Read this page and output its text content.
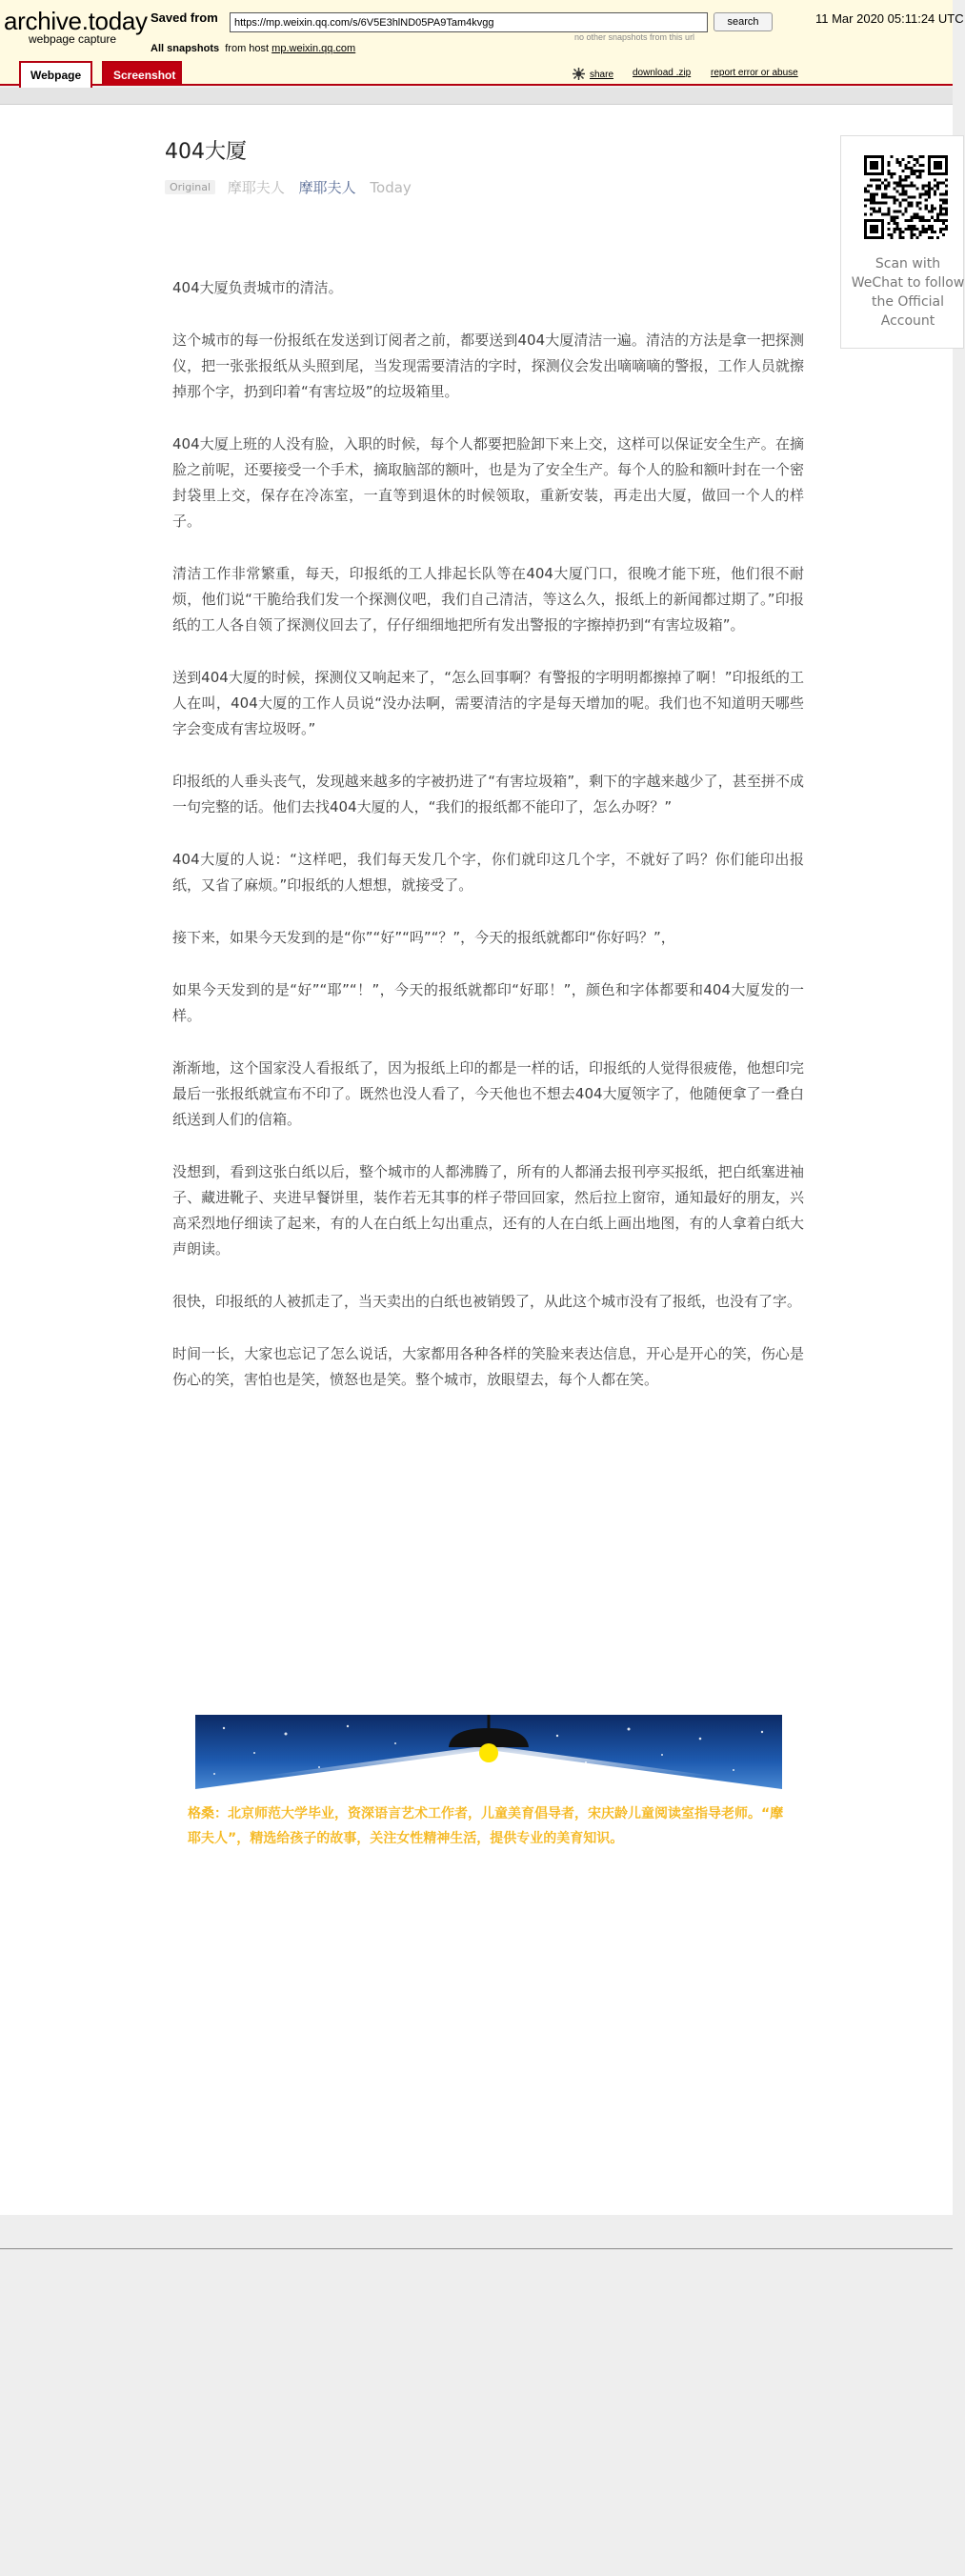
archive.today
webpage capture
Saved from
https://mp.weixin.qq.com/s/6V5E3hlND05PA9Tam4kvgg	search
no other snapshots from this url
11 Mar 2020 05:11:24 UTC
All snapshots from host mp.weixin.qq.com
Webpage	Screenshot	share download .zip report error or abuse
404大厦
Original 摩耶夫人 摩耶夫人 Today
Scan with WeChat to follow the Official Account

404大厦负责城市的清洁。

这个城市的每一份报纸在发送到订阅者之前，都要送到404大厦清洁一遍。清洁的方法是拿一把探测仪，把一张张报纸从头照到尾，当发现需要清洁的字时，探测仪会发出嘀嘀嘀的警报，工作人员就擦掉那个字，扔到印着“有害垃圾”的垃圾箱里。

404大厦上班的人没有脸，入职的时候，每个人都要把脸卸下来上交，这样可以保证安全生产。在摘脸之前呢，还要接受一个手术，摘取脑部的额叶，也是为了安全生产。每个人的脸和额叶封在一个密封袋里上交，保存在冷冻室，一直等到退休的时候领取，重新安装，再走出大厦，做回一个人的样子。

清洁工作非常繁重，每天，印报纸的工人排起长队等在404大厦门口，很晚才能下班，他们很不耐烦，他们说“干脆给我们发一个探测仪吧，我们自己清洁，等这么久，报纸上的新闻都过期了。”印报纸的工人各自领了探测仪回去了，仔仔细细地把所有发出警报的字擦掉扔到“有害垃圾箱”。

送到404大厦的时候，探测仪又响起来了，“怎么回事啊？有警报的字明明都擦掉了啊！”印报纸的工人在叫，404大厦的工作人员说“没办法啊，需要清洁的字是每天增加的呢。我们也不知道明天哪些字会变成有害垃圾呀。”

印报纸的人垂头丧气，发现越来越多的字被扔进了“有害垃圾箱”，剩下的字越来越少了，甚至拼不成一句完整的话。他们去找404大厦的人，“我们的报纸都不能印了，怎么办呀？”

404大厦的人说：“这样吧，我们每天发几个字，你们就印这几个字，不就好了吗？你们能印出报纸，又省了麻烦。”印报纸的人想想，就接受了。

接下来，如果今天发到的是“你”“好”“吗”“？”，今天的报纸就都印“你好吗？”，

如果今天发到的是“好”“耶”“！”，今天的报纸就都印“好耶！”，颜色和字体都要和404大厦发的一样。

渐渐地，这个国家没人看报纸了，因为报纸上印的都是一样的话，印报纸的人觉得很疲倦，他想印完最后一张报纸就宣布不印了。既然也没人看了，今天他也不想去404大厦领字了，他随便拿了一叠白纸送到人们的信箱。

没想到，看到这张白纸以后，整个城市的人都沸腾了，所有的人都涌去报刊亭买报纸，把白纸塞进袖子、藏进靴子、夹进早餐饼里，装作若无其事的样子带回回家，然后拉上窗帘，通知最好的朋友，兴高采烈地仔细读了起来，有的人在白纸上勾出重点，还有的人在白纸上画出地图，有的人拿着白纸大声朗读。

很快，印报纸的人被抓走了，当天卖出的白纸也被销毁了，从此这个城市没有了报纸，也没有了字。

时间一长，大家也忘记了怎么说话，大家都用各种各样的笑脸来表达信息，开心是开心的笑，伤心是伤心的笑，害怕也是笑，愤怒也是笑。整个城市，放眼望去，每个人都在笑。

格桑：北京师范大学毕业，资深语言艺术工作者，儿童美育倡导者，宋庆龄儿童阅读室指导老师。“摩耶夫人”，精选给孩子的故事，关注女性精神生活，提供专业的美育知识。
